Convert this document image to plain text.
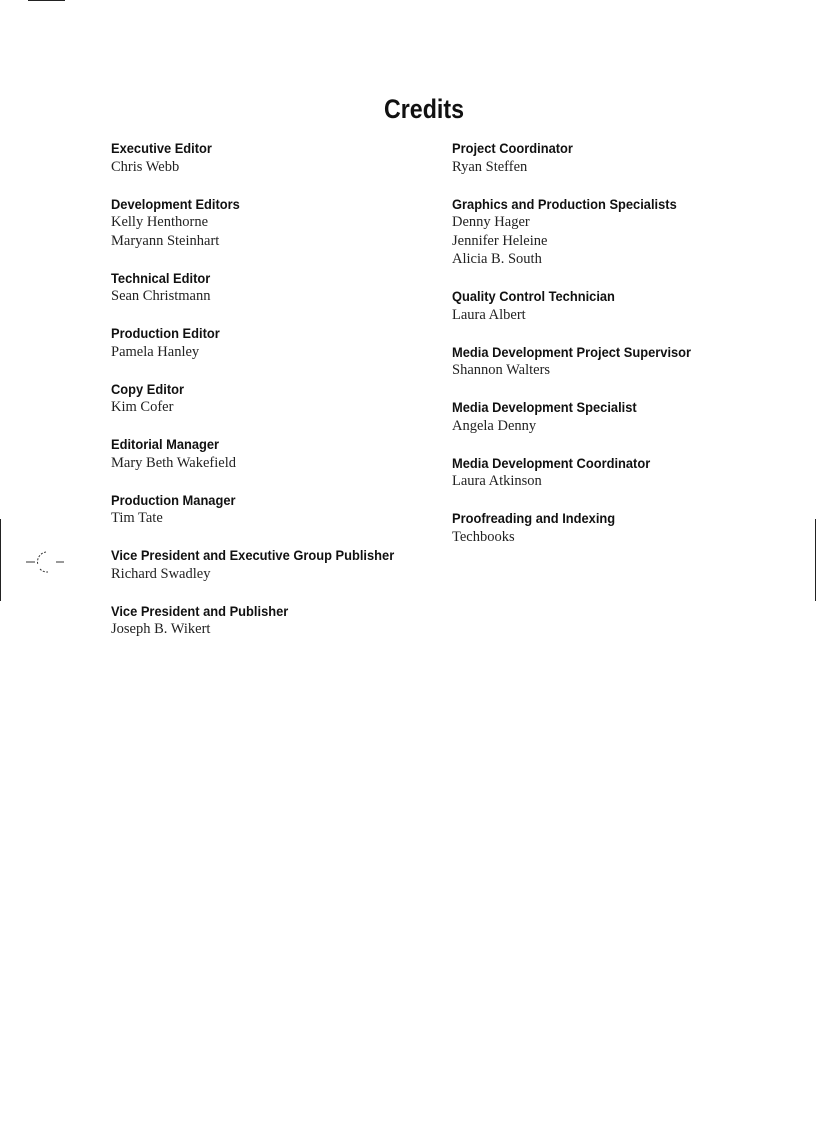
Credits
Executive Editor
Chris Webb
Development Editors
Kelly Henthorne
Maryann Steinhart
Technical Editor
Sean Christmann
Production Editor
Pamela Hanley
Copy Editor
Kim Cofer
Editorial Manager
Mary Beth Wakefield
Production Manager
Tim Tate
Vice President and Executive Group Publisher
Richard Swadley
Vice President and Publisher
Joseph B. Wikert
Project Coordinator
Ryan Steffen
Graphics and Production Specialists
Denny Hager
Jennifer Heleine
Alicia B. South
Quality Control Technician
Laura Albert
Media Development Project Supervisor
Shannon Walters
Media Development Specialist
Angela Denny
Media Development Coordinator
Laura Atkinson
Proofreading and Indexing
Techbooks
